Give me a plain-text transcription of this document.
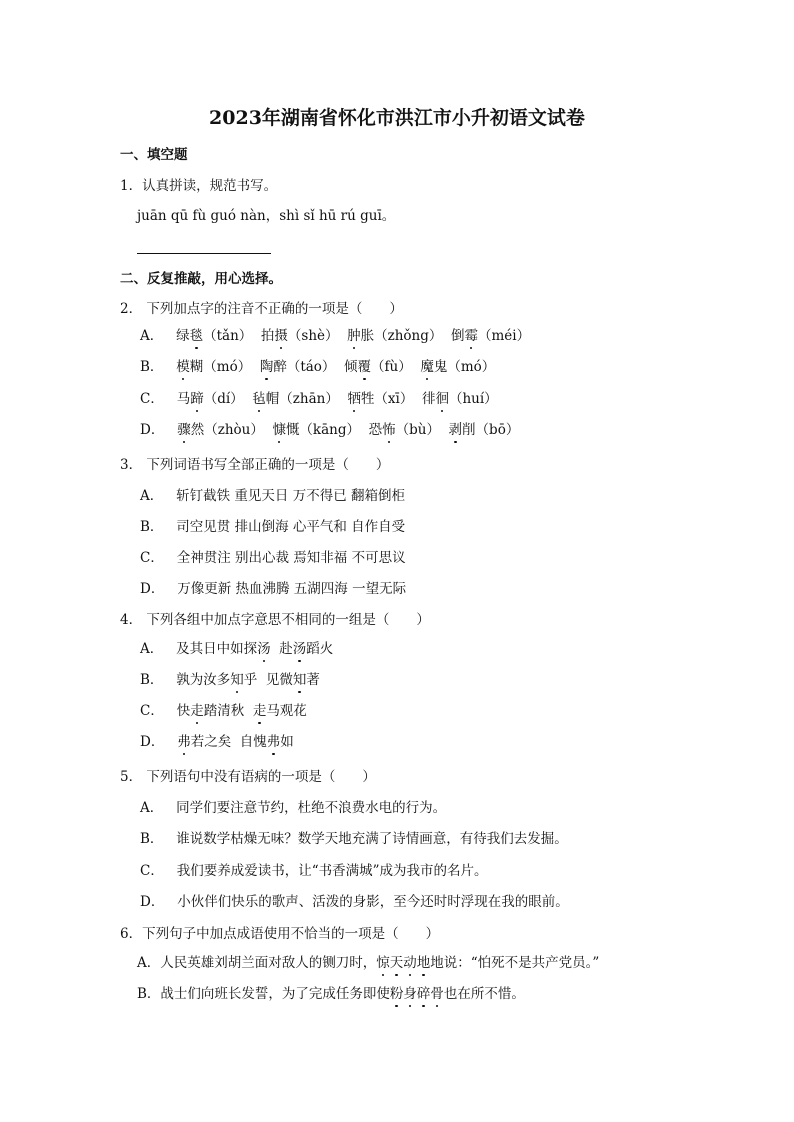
2023年湖南省怀化市洪江市小升初语文试卷
一、填空题
1．认真拼读，规范书写。
juān qū fù guó nàn，shì sǐ hū rú guī。
二、反复推敲，用心选择。
2． 下列加点字的注音不正确的一项是（　　）
A． 绿毯（tǎn） 拍摄（shè） 肿胀（zhǒng） 倒霉（méi）
B． 模糊（mó） 陶醉（táo） 倾覆（fù） 魔鬼（mó）
C． 马蹄（dí） 毡帽（zhān） 牺牲（xī） 徘徊（huí）
D． 骤然（zhòu） 慷慨（kāng） 恐怖（bù） 剥削（bō）
3． 下列词语书写全部正确的一项是（　　）
A． 斩钉截铁 重见天日 万不得已 翻箱倒柜
B． 司空见贯 排山倒海 心平气和 自作自受
C． 全神贯注 别出心裁 焉知非福 不可思议
D． 万像更新 热血沸腾 五湖四海 一望无际
4． 下列各组中加点字意思不相同的一组是（　　）
A． 及其日中如探汤 赴汤蹈火
B． 孰为汝多知乎 见微知著
C． 快走踏清秋 走马观花
D． 弗若之矣 自愧弗如
5． 下列语句中没有语病的一项是（　　）
A． 同学们要注意节约，杜绝不浪费水电的行为。
B． 谁说数学枯燥无味？数学天地充满了诗情画意，有待我们去发掘。
C． 我们要养成爱读书，让“书香满城”成为我市的名片。
D． 小伙伴们快乐的歌声、活泼的身影，至今还时时浮现在我的眼前。
6．下列句子中加点成语使用不恰当的一项是（　　）
A．人民英雄刘胡兰面对敌人的铡刀时，惊天动地地说：“怕死不是共产党员。”
B．战士们向班长发誓，为了完成任务即使粉身碎骨也在所不惜。
